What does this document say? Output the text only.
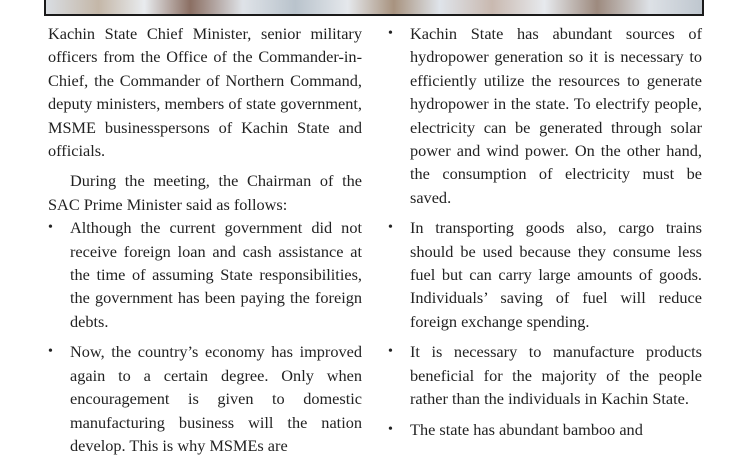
Kachin State Chief Minister, senior military officers from the Office of the Commander-in-Chief, the Commander of Northern Command, deputy ministers, members of state government, MSME businesspersons of Kachin State and officials.

During the meeting, the Chairman of the SAC Prime Minister said as follows:

•	Although the current government did not receive foreign loan and cash assistance at the time of assuming State responsibilities, the government has been paying the foreign debts.

•	Now, the country’s economy has improved again to a certain degree. Only when encouragement is given to domestic manufacturing business will the nation develop. This is why MSMEs are

•	Kachin State has abundant sources of hydropower generation so it is necessary to efficiently utilize the resources to generate hydropower in the state. To electrify people, electricity can be generated through solar power and wind power. On the other hand, the consumption of electricity must be saved.

•	In transporting goods also, cargo trains should be used because they consume less fuel but can carry large amounts of goods. Individuals’ saving of fuel will reduce foreign exchange spending.

•	It is necessary to manufacture products beneficial for the majority of the people rather than the individuals in Kachin State.

•	The state has abundant bamboo and
